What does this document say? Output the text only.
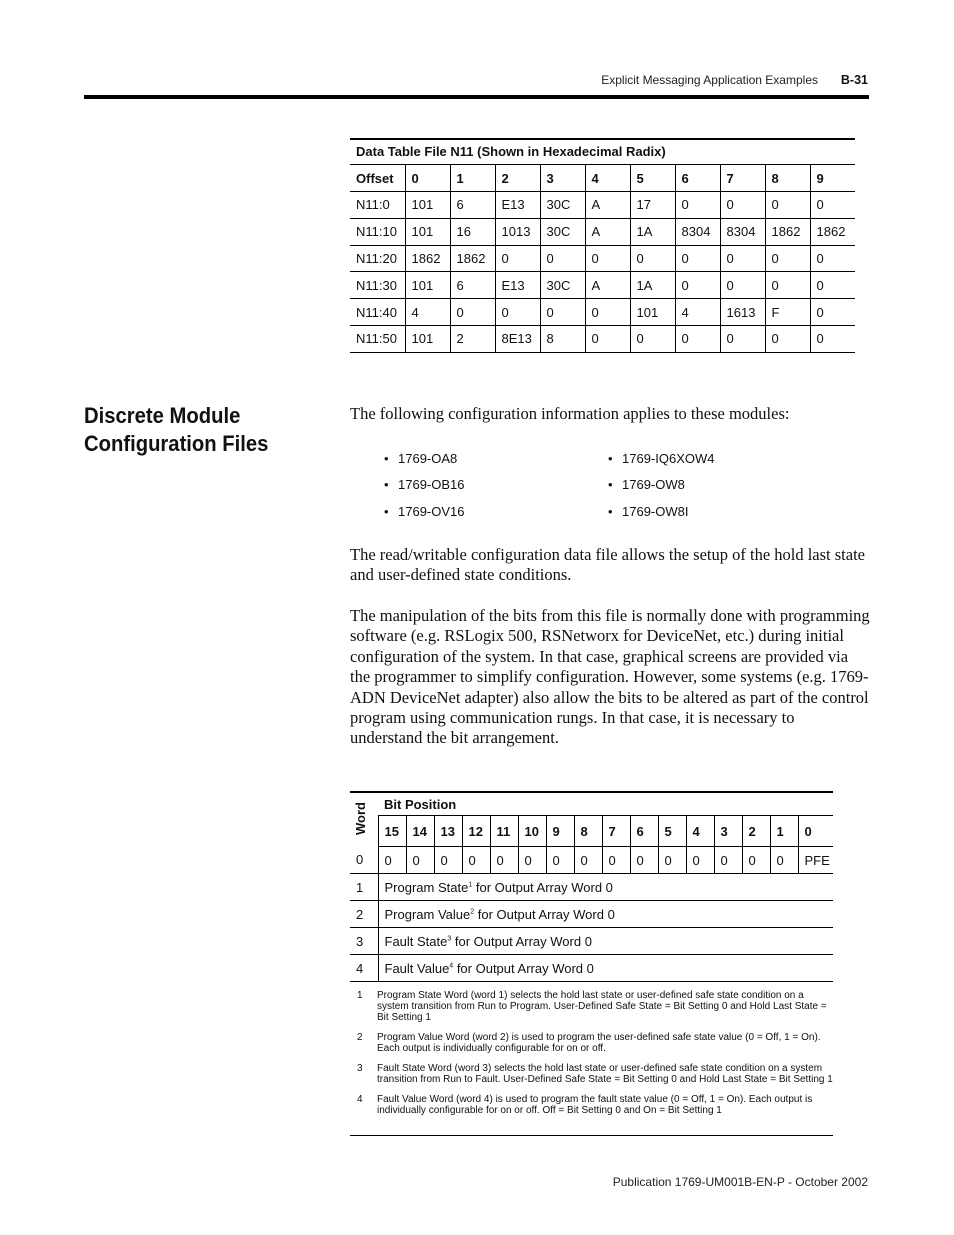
Explicit Messaging Application Examples B-31
Data Table File N11 (Shown in Hexadecimal Radix)
Offset	0	1	2	3	4	5	6	7	8	9
N11:0	101	6	E13	30C	A	17	0	0	0	0
N11:10	101	16	1013	30C	A	1A	8304	8304	1862	1862
N11:20	1862	1862	0	0	0	0	0	0	0	0
N11:30	101	6	E13	30C	A	1A	0	0	0	0
N11:40	4	0	0	0	0	101	4	1613	F	0
N11:50	101	2	8E13	8	0	0	0	0	0	0
Discrete Module
Configuration Files
The following configuration information applies to these modules:
• 1769-OA8
• 1769-OB16
• 1769-OV16
• 1769-IQ6XOW4
• 1769-OW8
• 1769-OW8I
The read/writable configuration data file allows the setup of the hold last state and user-defined state conditions.
The manipulation of the bits from this file is normally done with programming software (e.g. RSLogix 500, RSNetworx for DeviceNet, etc.) during initial configuration of the system. In that case, graphical screens are provided via the programmer to simplify configuration. However, some systems (e.g. 1769-ADN DeviceNet adapter) also allow the bits to be altered as part of the control program using communication rungs. In that case, it is necessary to understand the bit arrangement.
Word	Bit Position															
	15	14	13	12	11	10	9	8	7	6	5	4	3	2	1	0
0	0	0	0	0	0	0	0	0	0	0	0	0	0	0	0	PFE
1	Program State$^1$ for Output Array Word 0															
2	Program Value$^2$ for Output Array Word 0															
3	Fault State$^3$ for Output Array Word 0															
4	Fault Value$^4$ for Output Array Word 0															
1 Program State Word (word 1) selects the hold last state or user-defined safe state condition on a system transition from Run to Program. User-Defined Safe State = Bit Setting 0 and Hold Last State = Bit Setting 1
2 Program Value Word (word 2) is used to program the user-defined safe state value (0 = Off, 1 = On). Each output is individually configurable for on or off.
3 Fault State Word (word 3) selects the hold last state or user-defined safe state condition on a system transition from Run to Fault. User-Defined Safe State = Bit Setting 0 and Hold Last State = Bit Setting 1
4 Fault Value Word (word 4) is used to program the fault state value (0 = Off, 1 = On). Each output is individually configurable for on or off. Off = Bit Setting 0 and On = Bit Setting 1
Publication 1769-UM001B-EN-P - October 2002
